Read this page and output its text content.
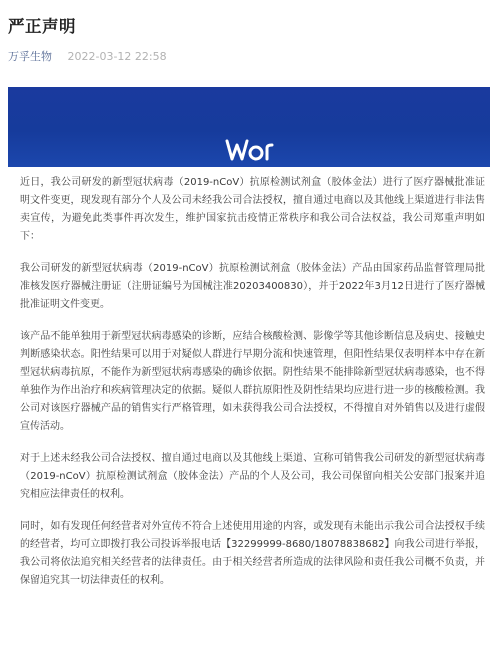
严正声明
万孚生物 2022-03-12 22:58

近日，我公司研发的新型冠状病毒（2019-nCoV）抗原检测试剂盒（胶体金法）进行了医疗器械批准证明文件变更，现发现有部分个人及公司未经我公司合法授权，擅自通过电商以及其他线上渠道进行非法售卖宣传，为避免此类事件再次发生，维护国家抗击疫情正常秩序和我公司合法权益，我公司郑重声明如下：

我公司研发的新型冠状病毒（2019-nCoV）抗原检测试剂盒（胶体金法）产品由国家药品监督管理局批准核发医疗器械注册证（注册证编号为国械注准20203400830），并于2022年3月12日进行了医疗器械批准证明文件变更。

该产品不能单独用于新型冠状病毒感染的诊断，应结合核酸检测、影像学等其他诊断信息及病史、接触史判断感染状态。阳性结果可以用于对疑似人群进行早期分流和快速管理，但阳性结果仅表明样本中存在新型冠状病毒抗原，不能作为新型冠状病毒感染的确诊依据。阴性结果不能排除新型冠状病毒感染，也不得单独作为作出治疗和疾病管理决定的依据。疑似人群抗原阳性及阴性结果均应进行进一步的核酸检测。我公司对该医疗器械产品的销售实行严格管理，如未获得我公司合法授权，不得擅自对外销售以及进行虚假宣传活动。

对于上述未经我公司合法授权、擅自通过电商以及其他线上渠道、宣称可销售我公司研发的新型冠状病毒（2019-nCoV）抗原检测试剂盒（胶体金法）产品的个人及公司，我公司保留向相关公安部门报案并追究相应法律责任的权利。

同时，如有发现任何经营者对外宣传不符合上述使用用途的内容，或发现有未能出示我公司合法授权手续的经营者，均可立即拨打我公司投诉举报电话【32299999-8680/18078838682】向我公司进行举报，我公司将依法追究相关经营者的法律责任。由于相关经营者所造成的法律风险和责任我公司概不负责，并保留追究其一切法律责任的权利。
